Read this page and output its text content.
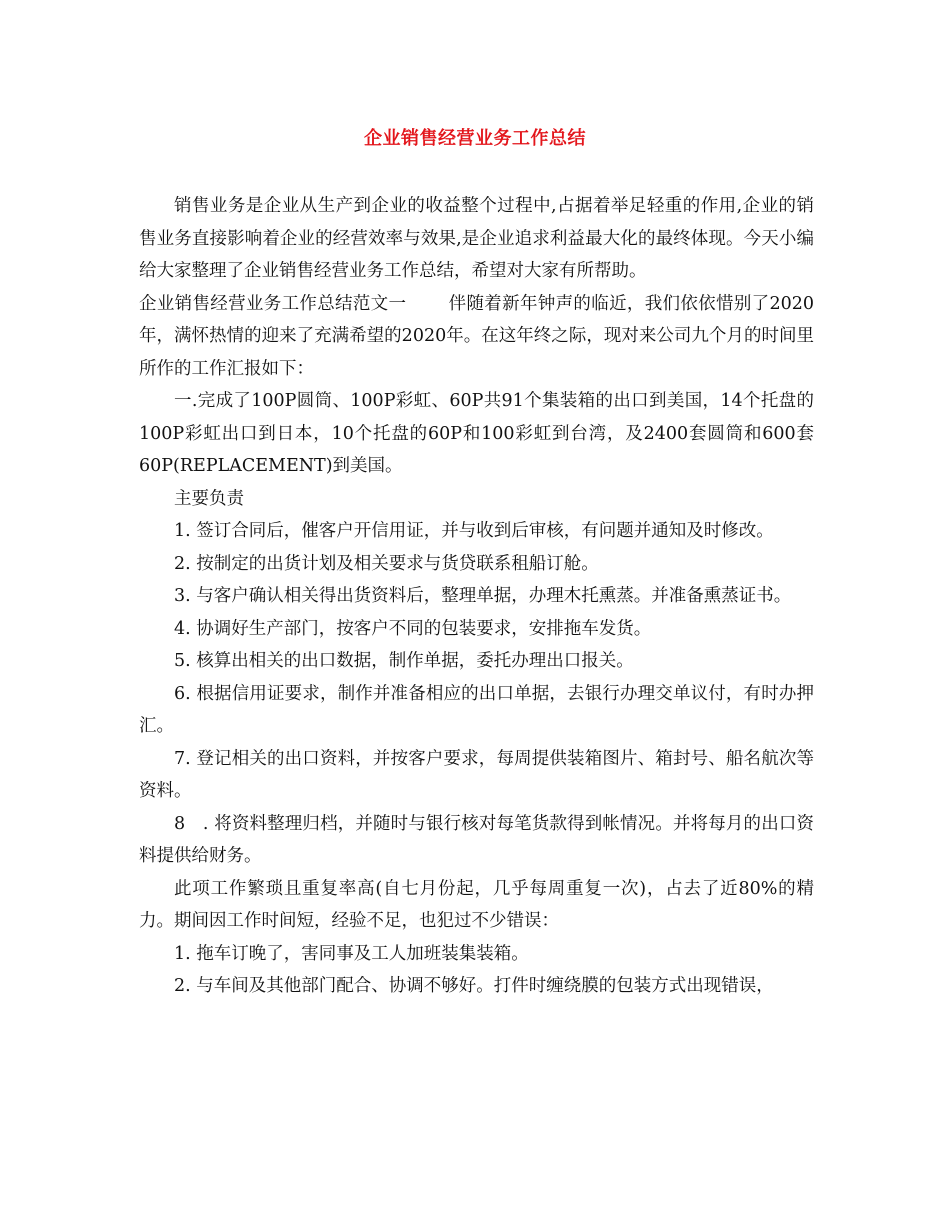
企业销售经营业务工作总结

销售业务是企业从生产到企业的收益整个过程中,占据着举足轻重的作用,企业的销售业务直接影响着企业的经营效率与效果,是企业追求利益最大化的最终体现。今天小编给大家整理了企业销售经营业务工作总结，希望对大家有所帮助。

企业销售经营业务工作总结范文一 伴随着新年钟声的临近，我们依依惜别了2020年，满怀热情的迎来了充满希望的2020年。在这年终之际，现对来公司九个月的时间里所作的工作汇报如下：

一.完成了100P圆筒、100P彩虹、60P共91个集装箱的出口到美国，14个托盘的100P彩虹出口到日本，10个托盘的60P和100彩虹到台湾，及2400套圆筒和600套60P(REPLACEMENT)到美国。

主要负责

1. 签订合同后，催客户开信用证，并与收到后审核，有问题并通知及时修改。

2. 按制定的出货计划及相关要求与货贷联系租船订舱。

3. 与客户确认相关得出货资料后，整理单据，办理木托熏蒸。并准备熏蒸证书。

4. 协调好生产部门，按客户不同的包装要求，安排拖车发货。

5. 核算出相关的出口数据，制作单据，委托办理出口报关。

6. 根据信用证要求，制作并准备相应的出口单据，去银行办理交单议付，有时办押汇。

7. 登记相关的出口资料，并按客户要求，每周提供装箱图片、箱封号、船名航次等资料。

8　. 将资料整理归档，并随时与银行核对每笔货款得到帐情况。并将每月的出口资料提供给财务。

此项工作繁琐且重复率高(自七月份起，几乎每周重复一次)，占去了近80%的精力。期间因工作时间短，经验不足，也犯过不少错误：

1. 拖车订晚了，害同事及工人加班装集装箱。

2. 与车间及其他部门配合、协调不够好。打件时缠绕膜的包装方式出现错误，
